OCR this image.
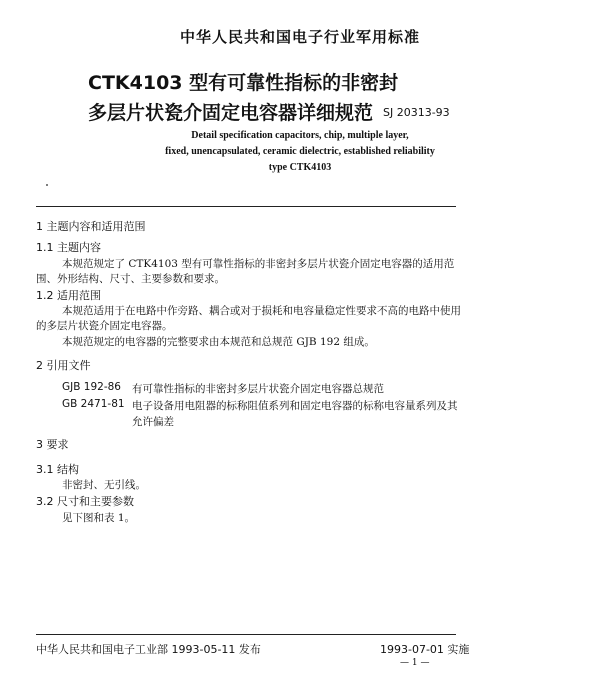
中华人民共和国电子行业军用标准
CTK4103 型有可靠性指标的非密封
多层片状瓷介固定电容器详细规范 SJ 20313-93
Detail specification capacitors, chip, multiple layer,
fixed, unencapsulated, ceramic dielectric, established reliability
type CTK4103
1 主题内容和适用范围
1.1 主题内容
本规范规定了 CTK4103 型有可靠性指标的非密封多层片状瓷介固定电容器的适用范
围、外形结构、尺寸、主要参数和要求。
1.2 适用范围
本规范适用于在电路中作旁路、耦合或对于损耗和电容量稳定性要求不高的电路中使用
的多层片状瓷介固定电容器。
本规范规定的电容器的完整要求由本规范和总规范 GJB 192 组成。
2 引用文件
GJB 192-86 有可靠性指标的非密封多层片状瓷介固定电容器总规范
GB 2471-81 电子设备用电阻器的标称阻值系列和固定电容器的标称电容量系列及其
允许偏差
3 要求
3.1 结构
非密封、无引线。
3.2 尺寸和主要参数
见下图和表 1。
中华人民共和国电子工业部 1993-05-11 发布	1993-07-01 实施
— 1 —
